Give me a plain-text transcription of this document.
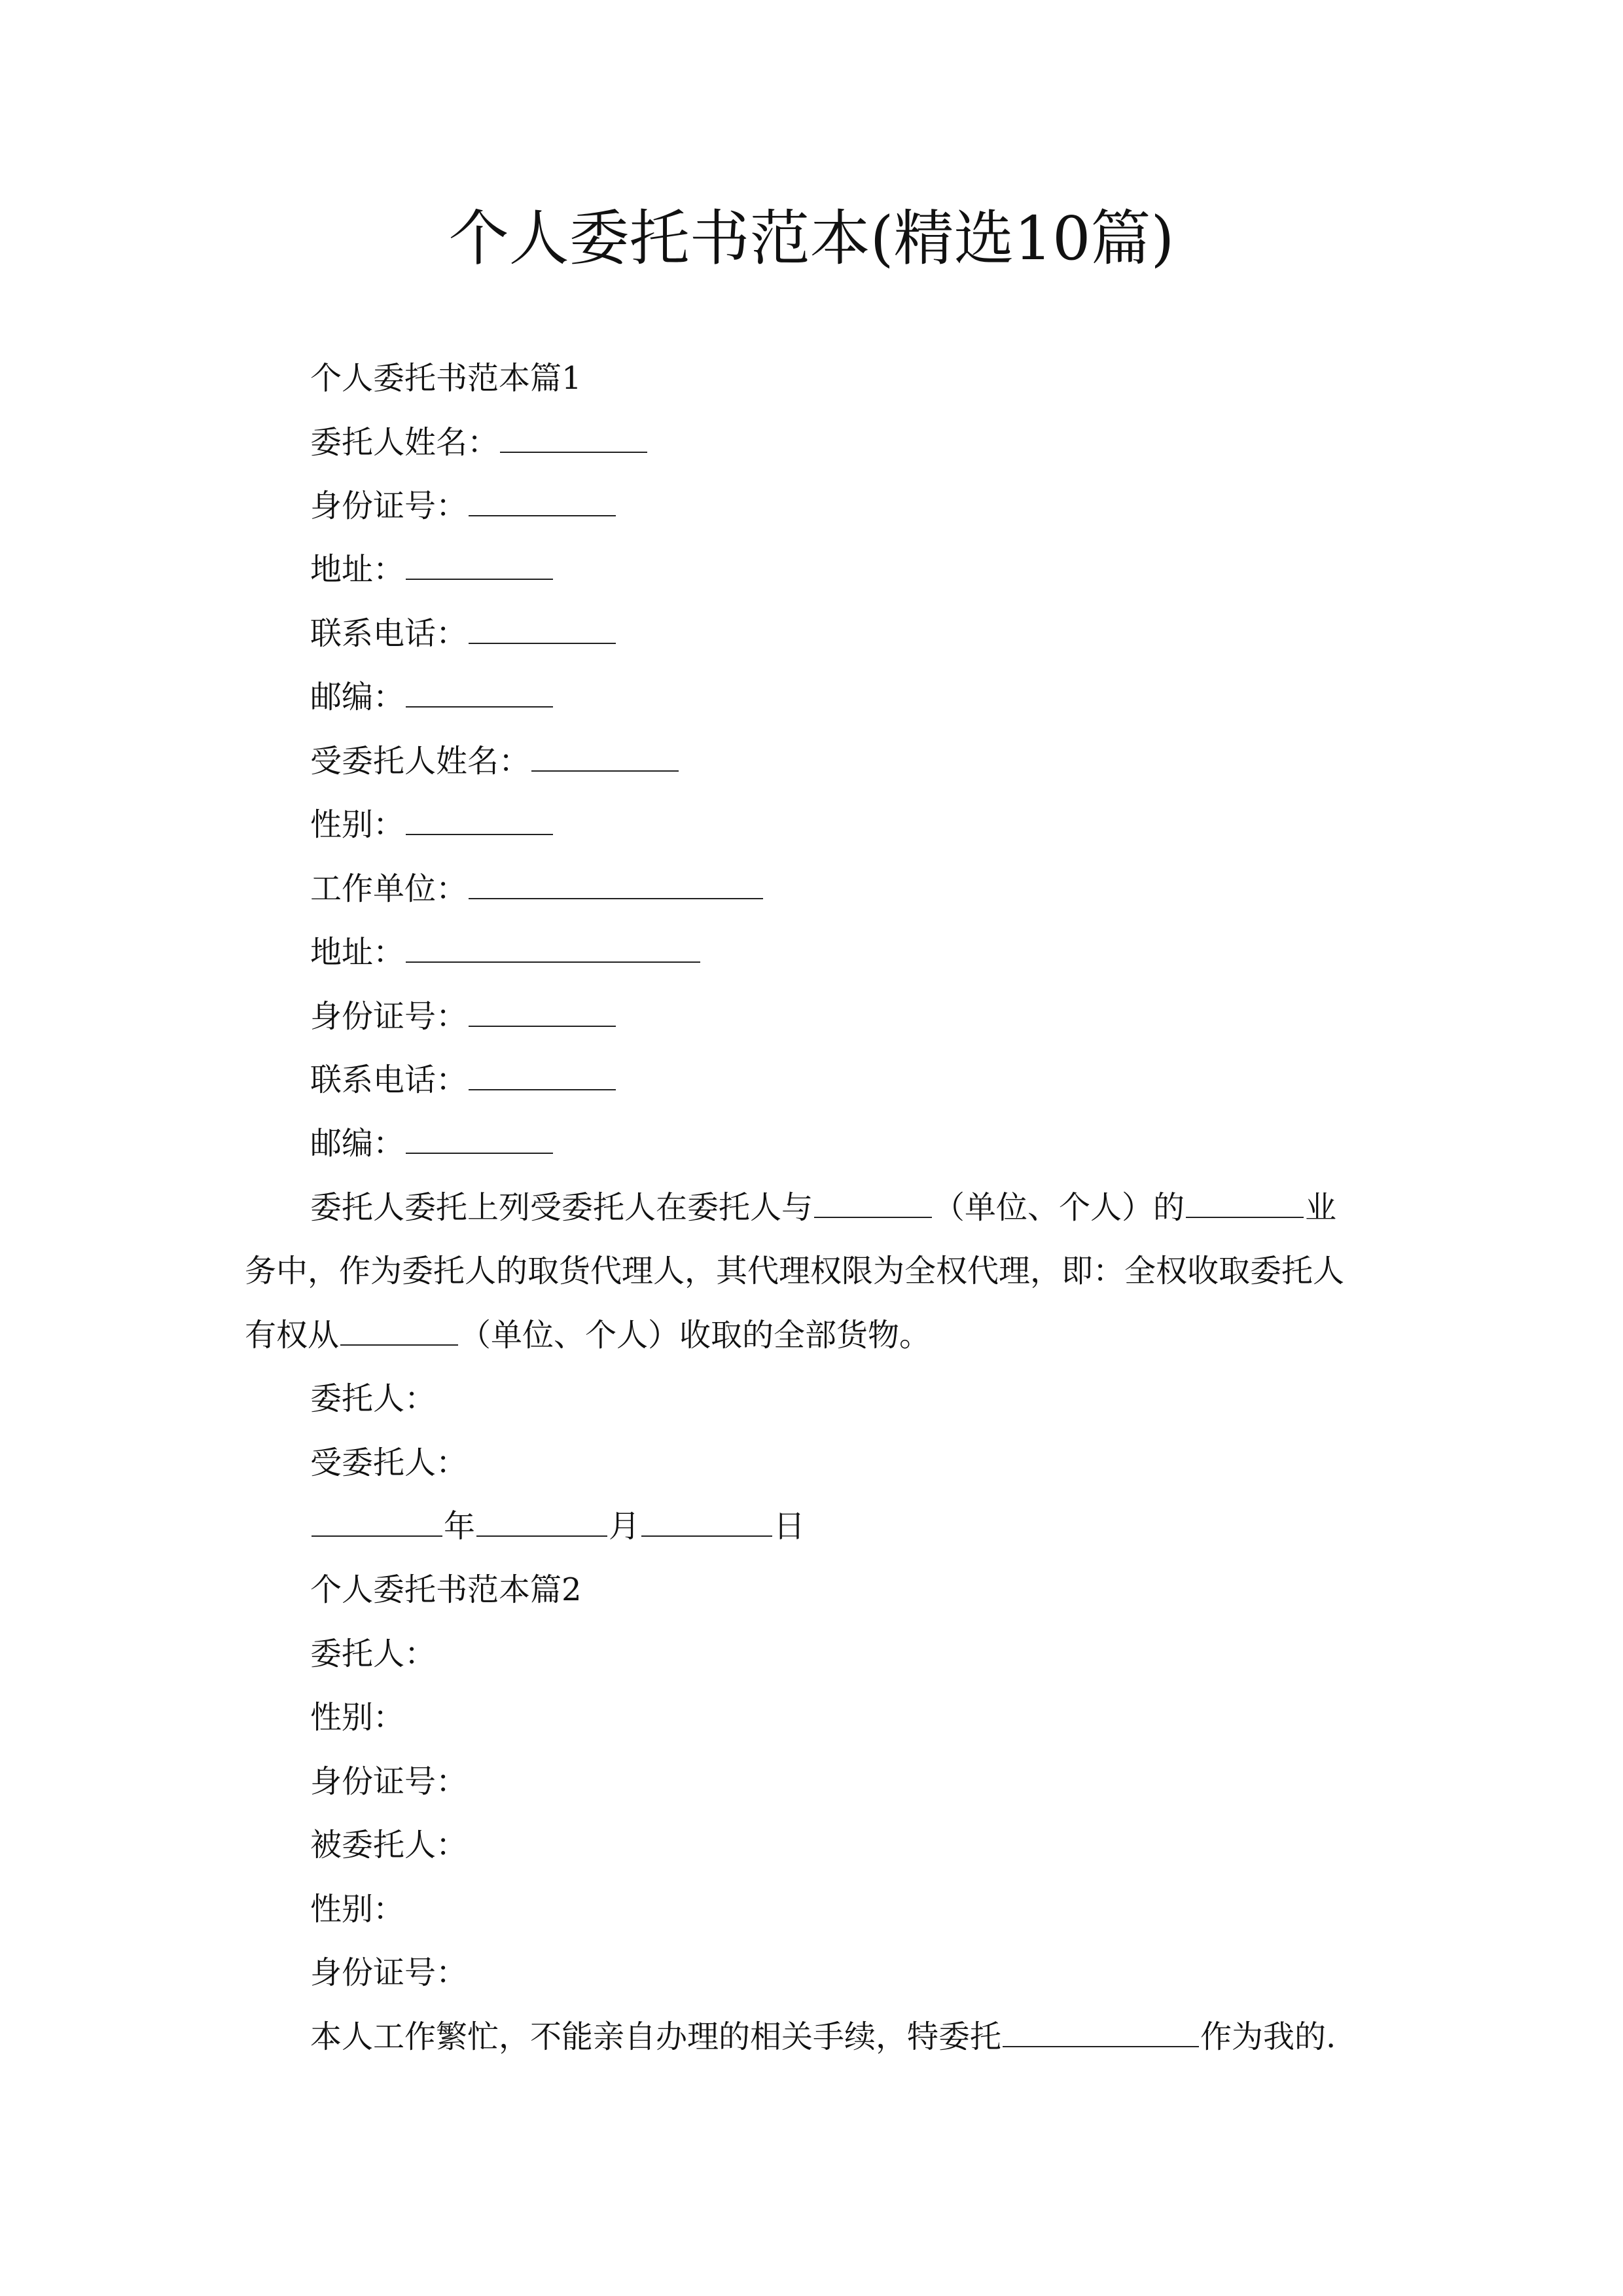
个人委托书范本(精选10篇)
个人委托书范本篇1
委托人姓名：
身份证号：
地址：
联系电话：
邮编：
受委托人姓名：
性别：
工作单位：
地址：
身份证号：
联系电话：
邮编：
委托人委托上列受委托人在委托人与	（单位、个人）的	业
务中，作为委托人的取货代理人，其代理权限为全权代理，即：全权收取委托人
有权从	（单位、个人）收取的全部货物。
委托人：
受委托人：
年	月	日
个人委托书范本篇2
委托人：
性别：
身份证号：
被委托人：
性别：
身份证号：
本人工作繁忙，不能亲自办理的相关手续，特委托	作为我的.
